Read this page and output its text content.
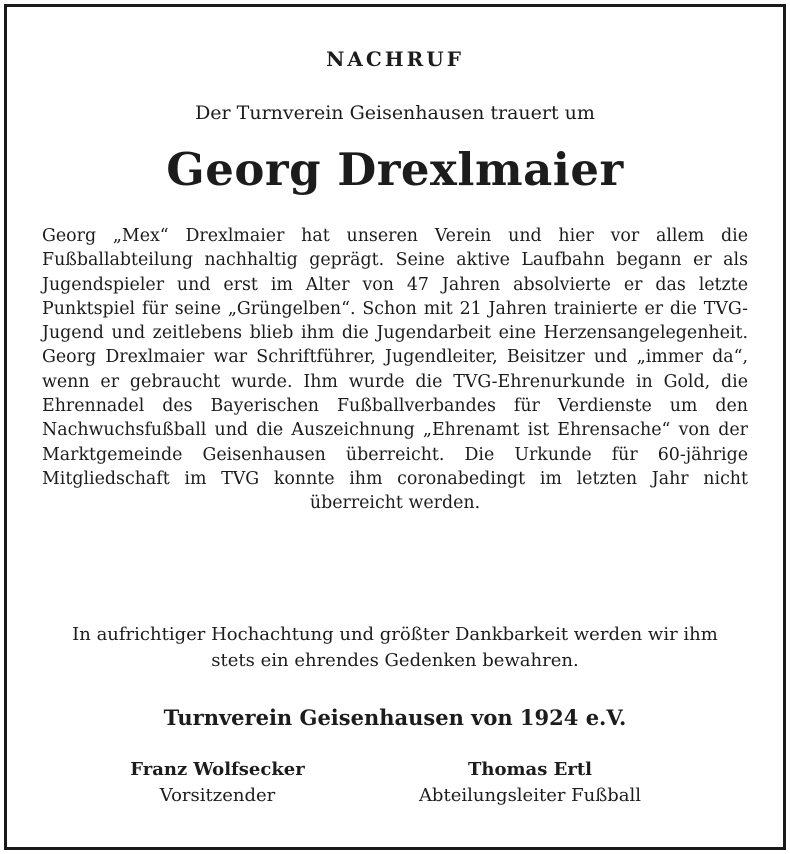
NACHRUF
Der Turnverein Geisenhausen trauert um
Georg Drexlmaier
Georg „Mex“ Drexlmaier hat unseren Verein und hier vor allem die Fußballabteilung nachhaltig geprägt. Seine aktive Laufbahn begann er als Jugendspieler und erst im Alter von 47 Jahren absolvierte er das letzte Punktspiel für seine „Grüngelben“. Schon mit 21 Jahren trainierte er die TVG-Jugend und zeitlebens blieb ihm die Jugendarbeit eine Herzensangelegenheit. Georg Drexlmaier war Schriftführer, Jugendleiter, Beisitzer und „immer da“, wenn er gebraucht wurde. Ihm wurde die TVG-Ehrenurkunde in Gold, die Ehrennadel des Bayerischen Fußballverbandes für Verdienste um den Nachwuchsfußball und die Auszeichnung „Ehrenamt ist Ehrensache“ von der Marktgemeinde Geisenhausen überreicht. Die Urkunde für 60-jährige Mitgliedschaft im TVG konnte ihm coronabedingt im letzten Jahr nicht überreicht werden.
In aufrichtiger Hochachtung und größter Dankbarkeit werden wir ihm stets ein ehrendes Gedenken bewahren.
Turnverein Geisenhausen von 1924 e.V.
Franz Wolfsecker
Vorsitzender
Thomas Ertl
Abteilungsleiter Fußball
